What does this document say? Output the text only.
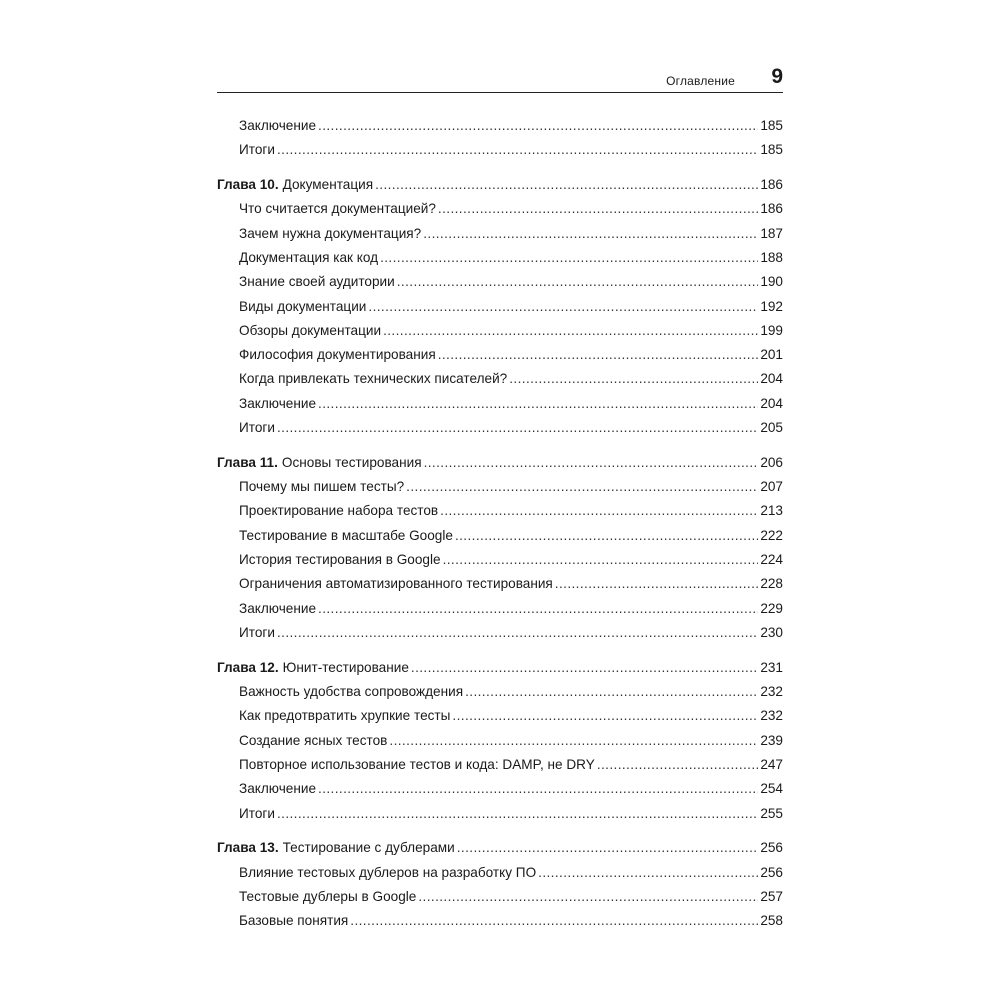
Оглавление 9
Заключение .....	185
Итоги .....	185
Глава 10. Документация .....	186
Что считается документацией? .....	186
Зачем нужна документация? .....	187
Документация как код .....	188
Знание своей аудитории .....	190
Виды документации .....	192
Обзоры документации .....	199
Философия документирования .....	201
Когда привлекать технических писателей? .....	204
Заключение .....	204
Итоги .....	205
Глава 11. Основы тестирования .....	206
Почему мы пишем тесты? .....	207
Проектирование набора тестов .....	213
Тестирование в масштабе Google .....	222
История тестирования в Google .....	224
Ограничения автоматизированного тестирования .....	228
Заключение .....	229
Итоги .....	230
Глава 12. Юнит-тестирование .....	231
Важность удобства сопровождения .....	232
Как предотвратить хрупкие тесты .....	232
Создание ясных тестов .....	239
Повторное использование тестов и кода: DAMP, не DRY .....	247
Заключение .....	254
Итоги .....	255
Глава 13. Тестирование с дублерами .....	256
Влияние тестовых дублеров на разработку ПО .....	256
Тестовые дублеры в Google .....	257
Базовые понятия .....	258
